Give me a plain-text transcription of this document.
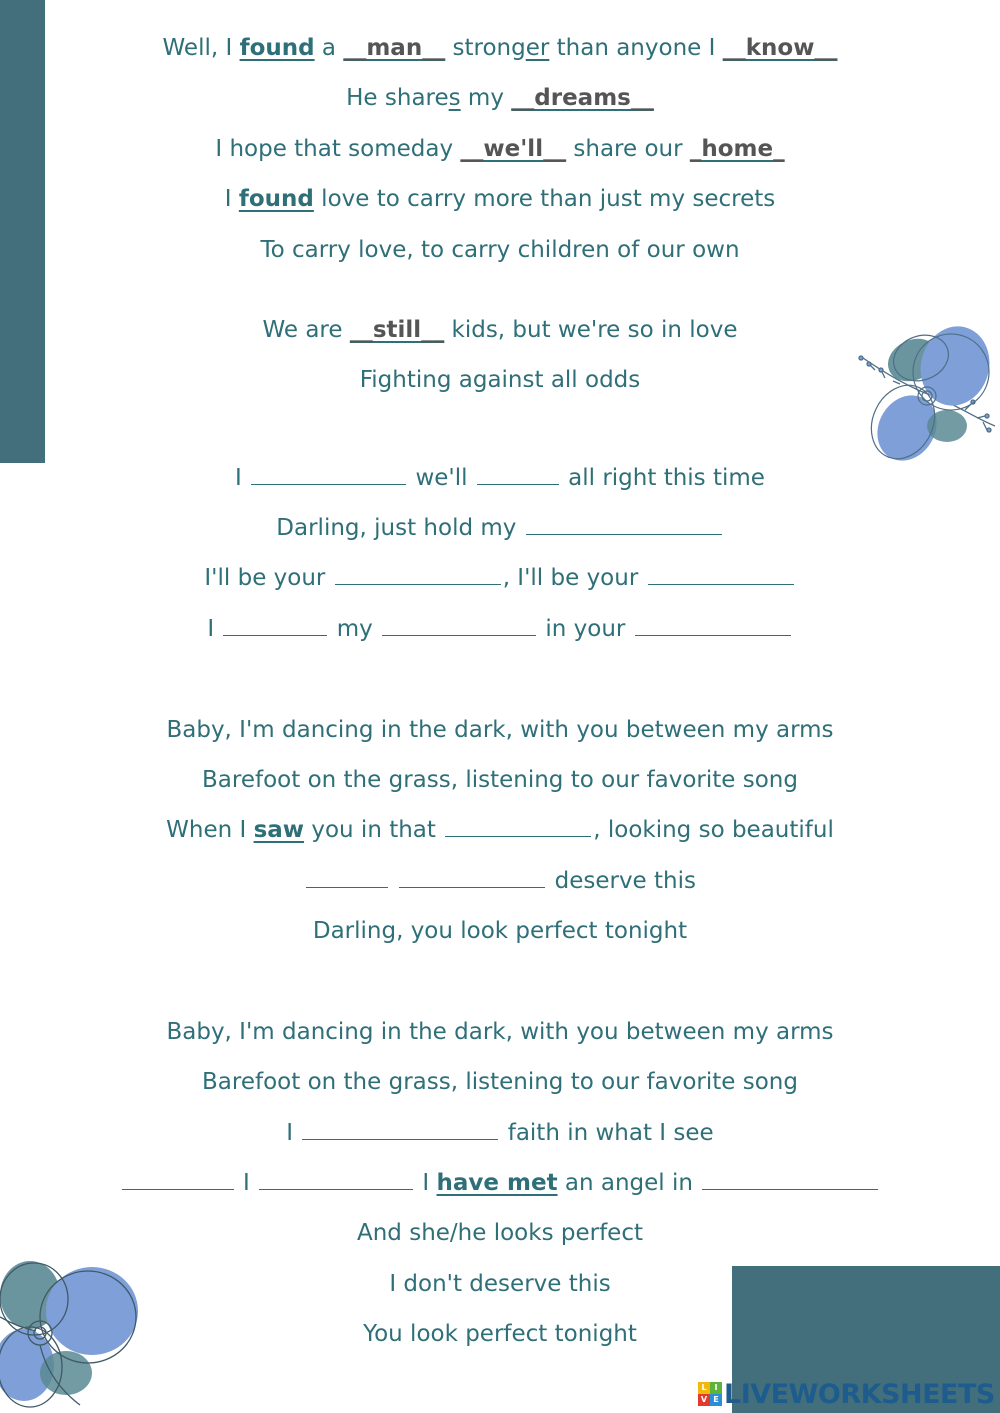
Well, I found a __man__ stronger than anyone I __know__
He shares my __dreams__
I hope that someday __we'll__ share our _home_
I found love to carry more than just my secrets
To carry love, to carry children of our own
We are __still__ kids, but we're so in love
Fighting against all odds
I	we'll	all right this time
Darling, just hold my
I'll be your	, I'll be your
I	my	in your
Baby, I'm dancing in the dark, with you between my arms
Barefoot on the grass, listening to our favorite song
When I saw you in that	, looking so beautiful
deserve this
Darling, you look perfect tonight
Baby, I'm dancing in the dark, with you between my arms
Barefoot on the grass, listening to our favorite song
I	faith in what I see
I	I have met an angel in
And she/he looks perfect
I don't deserve this
You look perfect tonight
L I
V E LIVEWORKSHEETS
